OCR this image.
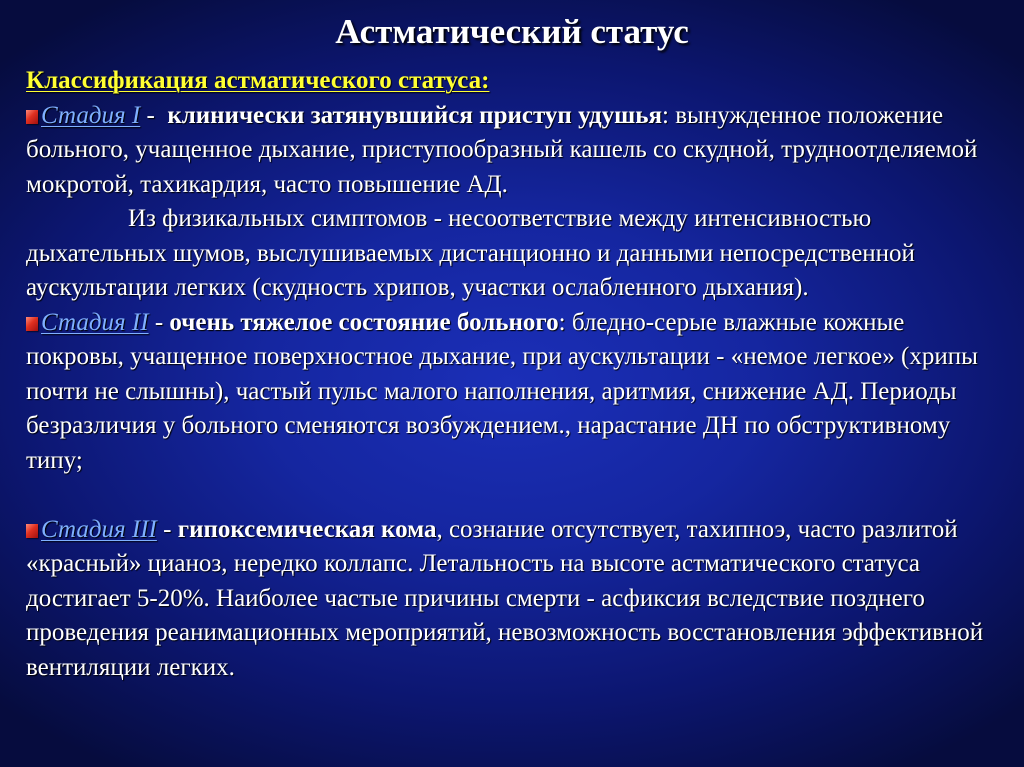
Астматический статус
Классификация астматического статуса:

Стадия I -  клинически затянувшийся приступ удушья: вынужденное положение больного, учащенное дыхание, приступообразный кашель со скудной, трудноотделяемой мокротой, тахикардия, часто повышение АД.

Из физикальных симптомов - несоответствие между интенсивностью дыхательных шумов, выслушиваемых дистанционно и данными непосредственной аускультации легких (скудность хрипов, участки ослабленного дыхания).

Стадия II - очень тяжелое состояние больного: бледно-серые влажные кожные покровы, учащенное поверхностное дыхание, при аускультации - «немое легкое» (хрипы почти не слышны), частый пульс малого наполнения, аритмия, снижение АД. Периоды безразличия у больного сменяются возбуждением., нарастание ДН по обструктивному типу;

Стадия III - гипоксемическая кома, сознание отсутствует, тахипноэ, часто разлитой «красный» цианоз, нередко коллапс. Летальность на высоте астматического статуса достигает 5-20%. Наиболее частые причины смерти - асфиксия вследствие позднего проведения реанимационных мероприятий, невозможность восстановления эффективной вентиляции легких.
